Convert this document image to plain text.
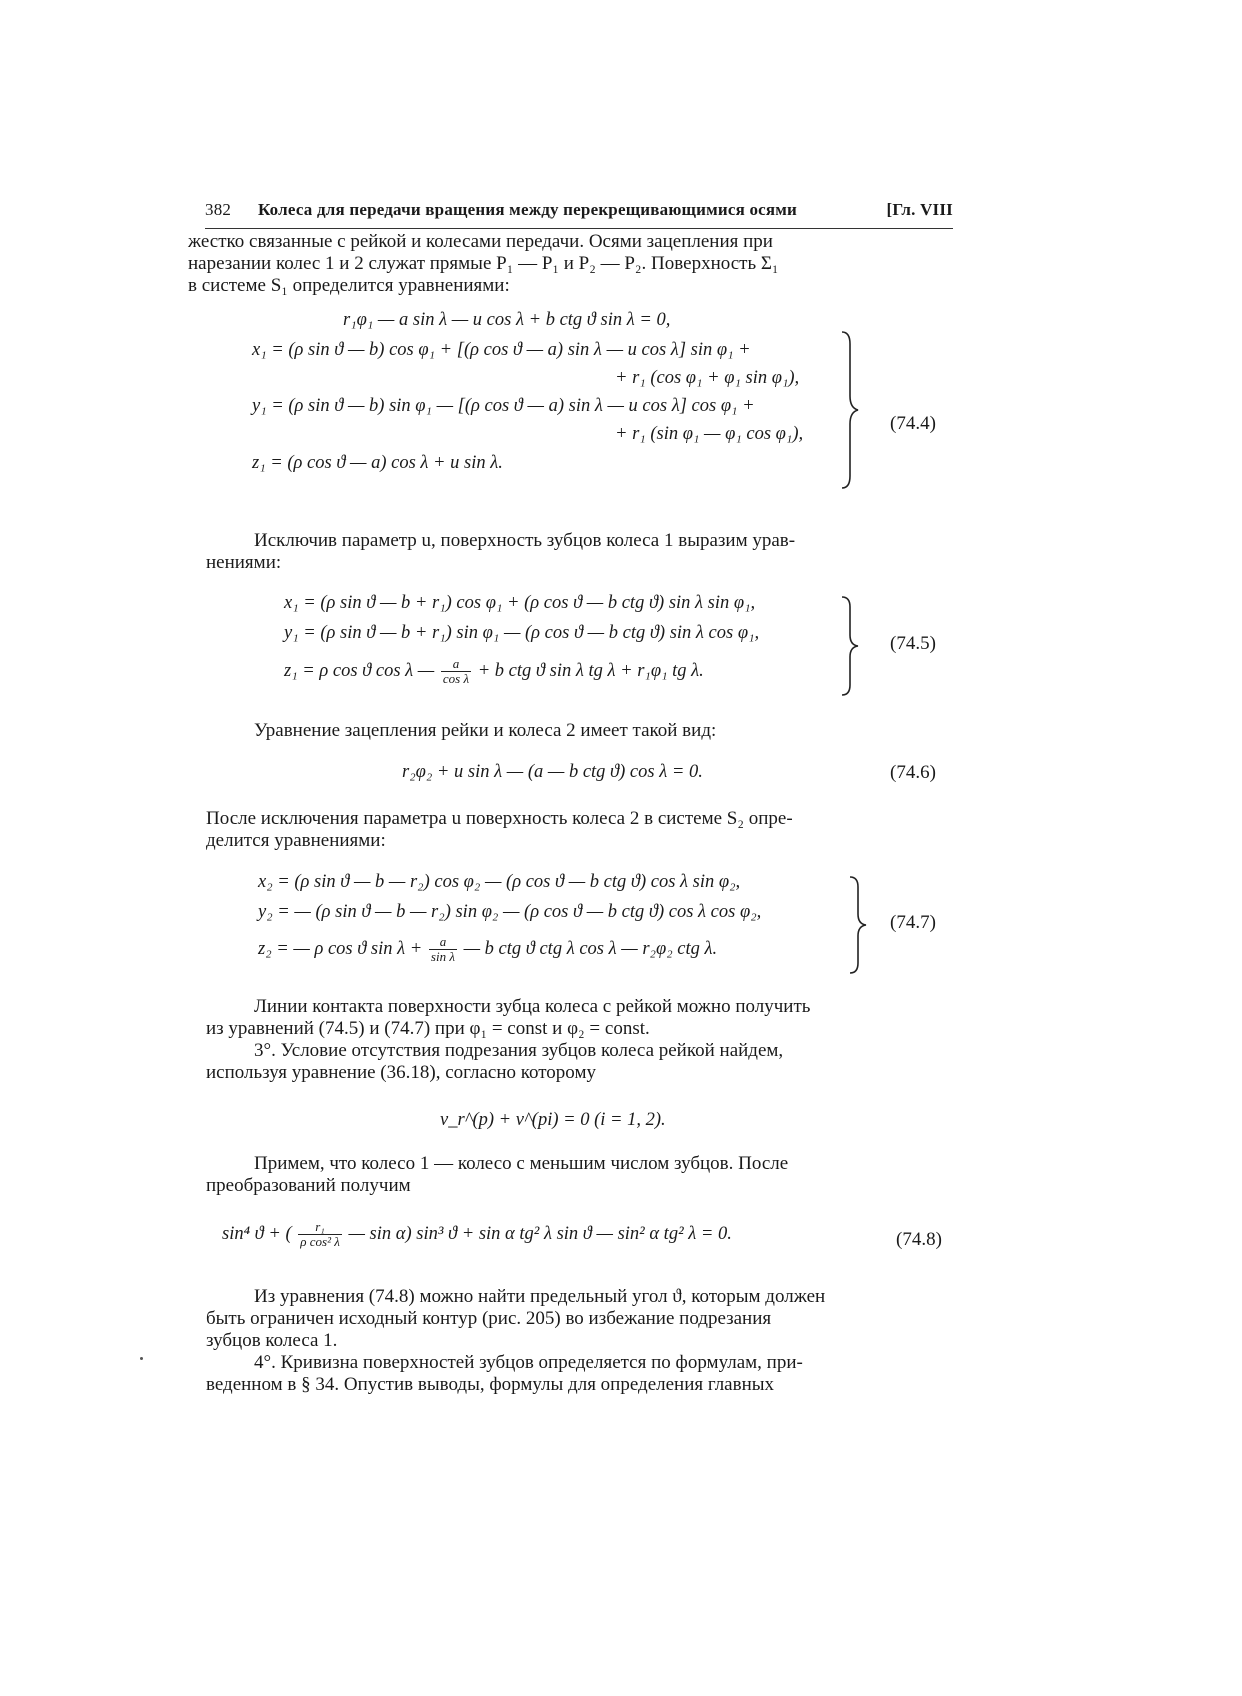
382 Колеса для передачи вращения между перекрещивающимися осями	[Гл. VIII
жестко связанные с рейкой и колесами передачи. Осями зацепления при
нарезании колес 1 и 2 служат прямые P₁ — P₁ и P₂ — P₂. Поверхность Σ₁
в системе S₁ определится уравнениями:
r₁φ₁ — a sin λ — u cos λ + b ctg ϑ sin λ = 0,
x₁ = (ρ sin ϑ — b) cos φ₁ + [(ρ cos ϑ — a) sin λ — u cos λ] sin φ₁ +
+ r₁ (cos φ₁ + φ₁ sin φ₁),
y₁ = (ρ sin ϑ — b) sin φ₁ — [(ρ cos ϑ — a) sin λ — u cos λ] cos φ₁ +
+ r₁ (sin φ₁ — φ₁ cos φ₁),
z₁ = (ρ cos ϑ — a) cos λ + u sin λ.
(74.4)
Исключив параметр u, поверхность зубцов колеса 1 выразим урав-
нениями:
x₁ = (ρ sin ϑ — b + r₁) cos φ₁ + (ρ cos ϑ — b ctg ϑ) sin λ sin φ₁,
y₁ = (ρ sin ϑ — b + r₁) sin φ₁ — (ρ cos ϑ — b ctg ϑ) sin λ cos φ₁,
z₁ = ρ cos ϑ cos λ — $\frac{a}{\text{cos λ}} + b$ ctg ϑ sin λ tg λ + r₁φ₁ tg λ.
(74.5)
Уравнение зацепления рейки и колеса 2 имеет такой вид:
r₂φ₂ + u sin λ — (a — b ctg ϑ) cos λ = 0.	(74.6)
После исключения параметра u поверхность колеса 2 в системе S₂ опре-
делится уравнениями:
x₂ = (ρ sin ϑ — b — r₂) cos φ₂ — (ρ cos ϑ — b ctg ϑ) cos λ sin φ₂,
y₂ = — (ρ sin ϑ — b — r₂) sin φ₂ — (ρ cos ϑ — b ctg ϑ) cos λ cos φ₂,
z₂ = — ρ cos ϑ $\sin \lambda + \frac{a}{\text{sin λ}}$ — b ctg ϑ ctg λ cos λ — r₂φ₂ ctg λ.
(74.7)
Линии контакта поверхности зубца колеса с рейкой можно получить
из уравнений (74.5) и (74.7) при φ₁ = const и φ₂ = const.
3°. Условие отсутствия подрезания зубцов колеса рейкой найдем,
используя уравнение (36.18), согласно которому
v_r^(p) + v^(pi) = 0 (i = 1, 2).
Примем, что колесо 1 — колесо с меньшим числом зубцов. После
преобразований получим
sin⁴ ϑ + ( $\frac{\text{r₁}}{\text{ρ cos² λ}}$ — sin α) sin³ ϑ + sin α tg² λ sin ϑ — sin² α tg² λ = 0.	(74.8)
Из уравнения (74.8) можно найти предельный угол ϑ, которым должен
быть ограничен исходный контур (рис. 205) во избежание подрезания
зубцов колеса 1.
4°. Кривизна поверхностей зубцов определяется по формулам, при-
веденном в § 34. Опустив выводы, формулы для определения главных
